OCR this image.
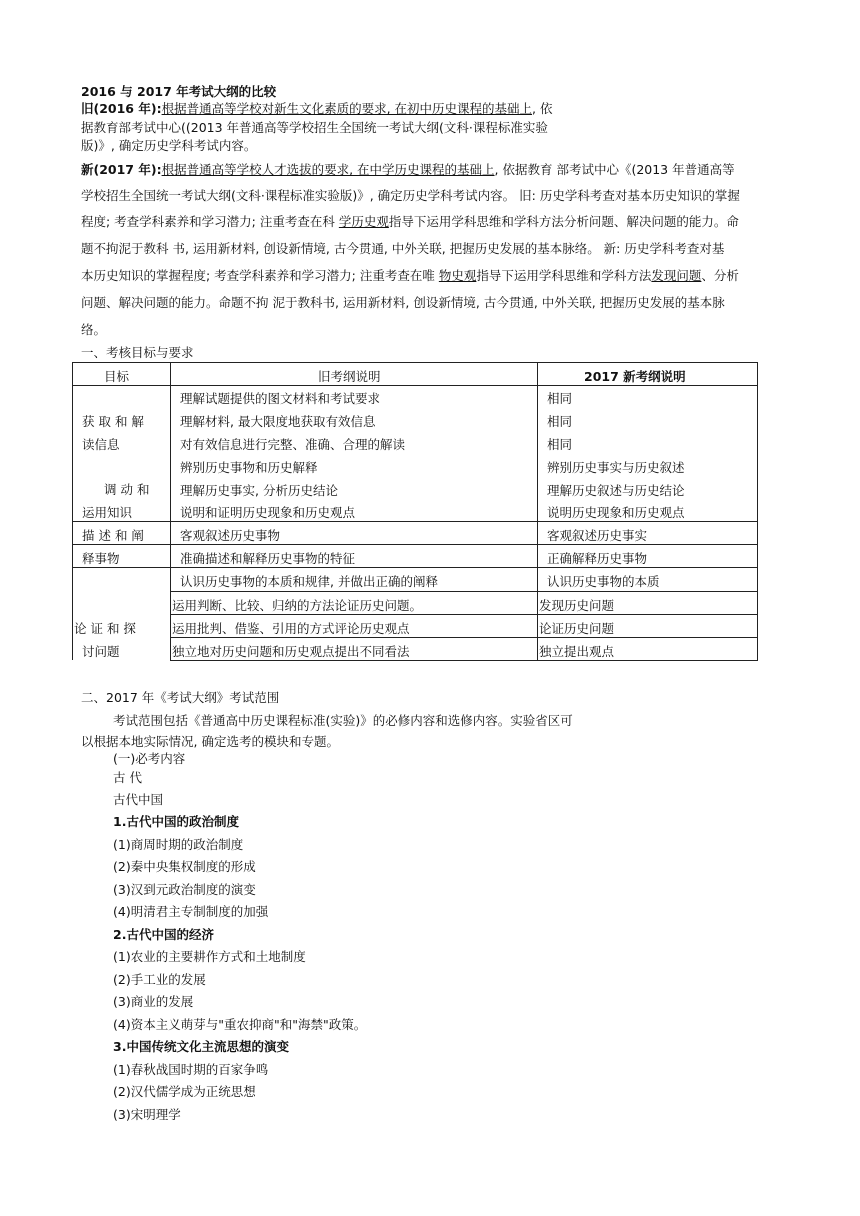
2016 与 2017 年考试大纲的比较
旧(2016 年):根据普通高等学校对新生文化素质的要求, 在初中历史课程的基础上, 依
据教育部考试中心((2013 年普通高等学校招生全国统一考试大纲(文科·课程标准实验
版)》, 确定历史学科考试内容。
新(2017 年):根据普通高等学校人才选拔的要求, 在中学历史课程的基础上, 依据教育 部考试中心《(2013 年普通高等
学校招生全国统一考试大纲(文科·课程标准实验版)》, 确定历史学科考试内容。 旧: 历史学科考查对基本历史知识的掌握
程度; 考查学科素养和学习潜力; 注重考查在科 学历史观指导下运用学科思维和学科方法分析问题、解决问题的能力。命
题不拘泥于教科 书, 运用新材料, 创设新情境, 古今贯通, 中外关联, 把握历史发展的基本脉络。 新: 历史学科考查对基
本历史知识的掌握程度; 考查学科素养和学习潜力; 注重考查在唯 物史观指导下运用学科思维和学科方法发现问题、分析
问题、解决问题的能力。命题不拘 泥于教科书, 运用新材料, 创设新情境, 古今贯通, 中外关联, 把握历史发展的基本脉
络。
一、考核目标与要求
目标	旧考纲说明	2017 新考纲说明
获 取 和 解
读信息
调 动 和
运用知识
描 述 和 阐
释事物
论 证 和 探
讨问题
理解试题提供的图文材料和考试要求
理解材料, 最大限度地获取有效信息
对有效信息进行完整、准确、合理的解读
辨别历史事物和历史解释
理解历史事实, 分析历史结论
说明和证明历史现象和历史观点
客观叙述历史事物
准确描述和解释历史事物的特征
认识历史事物的本质和规律, 并做出正确的阐释
运用判断、比较、归纳的方法论证历史问题。
运用批判、借鉴、引用的方式评论历史观点
独立地对历史问题和历史观点提出不同看法
相同
相同
相同
辨别历史事实与历史叙述
理解历史叙述与历史结论
说明历史现象和历史观点
客观叙述历史事实
正确解释历史事物
认识历史事物的本质
发现历史问题
论证历史问题
独立提出观点
二、2017 年《考试大纲》考试范围
考试范围包括《普通高中历史课程标准(实验)》的必修内容和选修内容。实验省区可
以根据本地实际情况, 确定选考的模块和专题。
(一)必考内容
古 代
古代中国
1.古代中国的政治制度
(1)商周时期的政治制度
(2)秦中央集权制度的形成
(3)汉到元政治制度的演变
(4)明清君主专制制度的加强
2.古代中国的经济
(1)农业的主要耕作方式和土地制度
(2)手工业的发展
(3)商业的发展
(4)资本主义萌芽与"重农抑商"和"海禁"政策。
3.中国传统文化主流思想的演变
(1)春秋战国时期的百家争鸣
(2)汉代儒学成为正统思想
(3)宋明理学
